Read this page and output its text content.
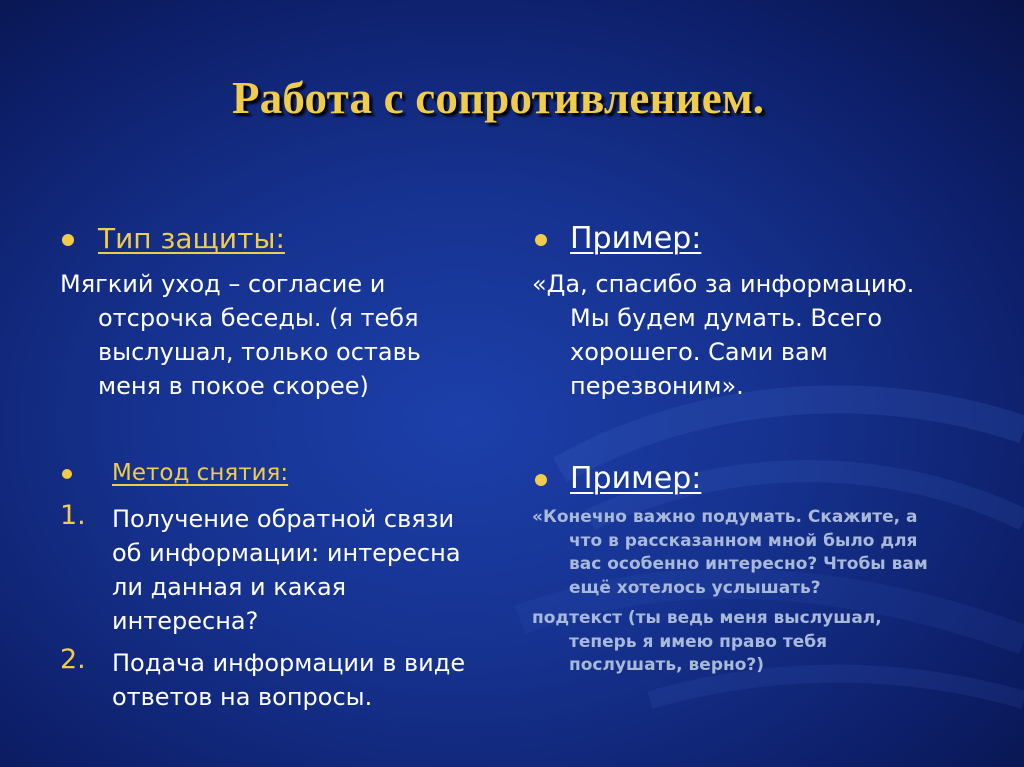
Работа с сопротивлением.
Тип защиты:
Мягкий уход – согласие и
отсрочка беседы. (я тебя
выслушал, только оставь
меня в покое скорее)
Метод снятия:
1. Получение обратной связи
об информации: интересна
ли данная и какая
интересна?
2. Подача информации в виде
ответов на вопросы.
Пример:
«Да, спасибо за информацию.
Мы будем думать. Всего
хорошего. Сами вам
перезвоним».
Пример:
«Конечно важно подумать. Скажите, а
что в рассказанном мной было для
вас особенно интересно? Чтобы вам
ещё хотелось услышать?
подтекст (ты ведь меня выслушал,
теперь я имею право тебя
послушать, верно?)
